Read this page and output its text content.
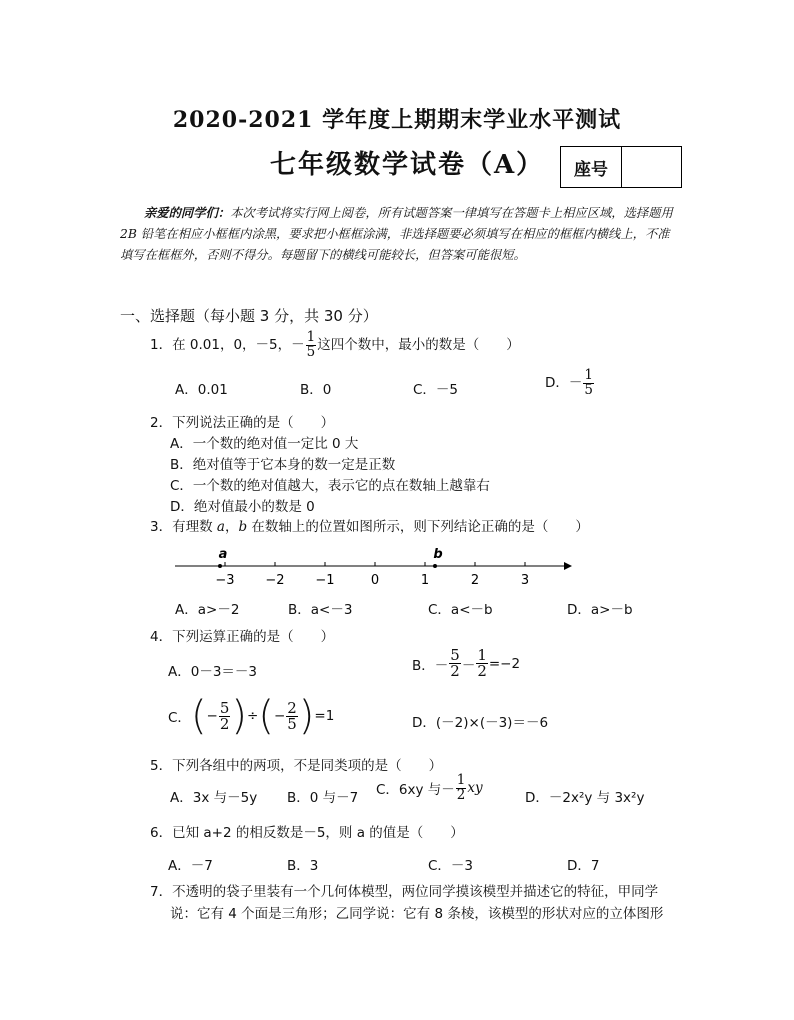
2020-2021 学年度上期期末学业水平测试
七年级数学试卷（A）	座号
亲爱的同学们：本次考试将实行网上阅卷，所有试题答案一律填写在答题卡上相应区域，选择题用 2B 铅笔在相应小框框内涂黑，要求把小框框涂满，非选择题要必须填写在相应的框框内横线上，不准填写在框框外，否则不得分。每题留下的横线可能较长，但答案可能很短。
一、选择题（每小题 3 分，共 30 分）
1．在 0.01，0，－5，－ $\frac{1}{5}$ 这四个数中，最小的数是（　　）
A．0.01	B．0	C．－5	D．－ $\frac{1}{5}$
2．下列说法正确的是（　　）
A．一个数的绝对值一定比 0 大
B．绝对值等于它本身的数一定是正数
C．一个数的绝对值越大，表示它的点在数轴上越靠右
D．绝对值最小的数是 0
3．有理数 a，b 在数轴上的位置如图所示，则下列结论正确的是（　　）
−3 −2 −1	0	1	2	3
a	b
A．a>－2	B．a<－3	C．a<－b	D．a>－b
4．下列运算正确的是（　　）
A．0－3＝－3	B． － $\frac{5}{2} - \frac{1}{2} =-2$
C． ( − $\frac{5}{2}$ ) ÷ ( − $\frac{2}{5}$ ) =1	D．(－2)×(－3)＝－6
5．下列各组中的两项，不是同类项的是（　　）
A．3x 与－5y B．0 与－7 C．6xy 与－ $\frac{1}{2}$ xy
D．－2x²y 与 3x²y
6．已知 a+2 的相反数是－5，则 a 的值是（　　）
A．－7	B．3	C．－3	D．7
7．不透明的袋子里装有一个几何体模型，两位同学摸该模型并描述它的特征，甲同学
说：它有 4 个面是三角形；乙同学说：它有 8 条棱，该模型的形状对应的立体图形
